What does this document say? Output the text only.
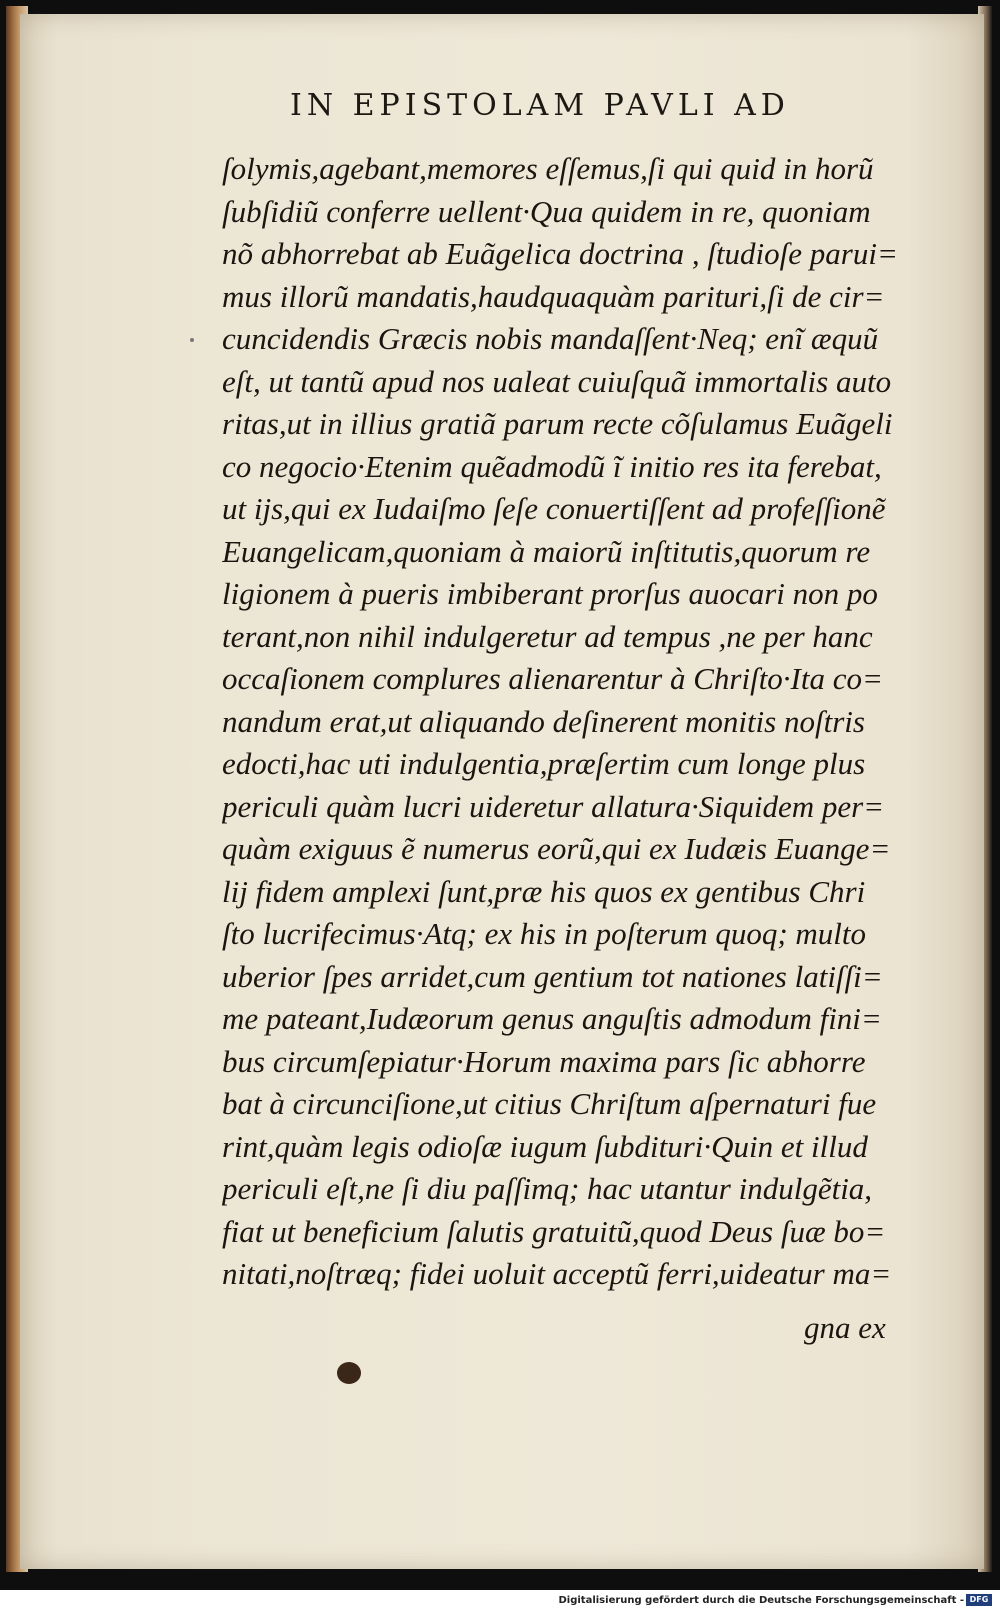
IN EPISTOLAM PAVLI AD
ſolymis,agebant,memores eſſemus,ſi qui quid in horũ
ſubſidiũ conferre uellent·Qua quidem in re, quoniam
nõ abhorrebat ab Euãgelica doctrina , ſtudioſe parui=
mus illorũ mandatis,haudquaquàm parituri,ſi de cir=
cuncidendis Græcis nobis mandaſſent·Neq; enĩ æquũ
eſt, ut tantũ apud nos ualeat cuiuſquã immortalis auto
ritas,ut in illius gratiã parum recte cõſulamus Euãgeli
co negocio·Etenim quẽadmodũ ĩ initio res ita ferebat,
ut ijs,qui ex Iudaiſmo ſeſe conuertiſſent ad profeſſionẽ
Euangelicam,quoniam à maiorũ inſtitutis,quorum re
ligionem à pueris imbiberant prorſus auocari non po
terant,non nihil indulgeretur ad tempus ,ne per hanc
occaſionem complures alienarentur à Chriſto·Ita co=
nandum erat,ut aliquando deſinerent monitis noſtris
edocti,hac uti indulgentia,præſertim cum longe plus
periculi quàm lucri uideretur allatura·Siquidem per=
quàm exiguus ẽ numerus eorũ,qui ex Iudæis Euange=
lij fidem amplexi ſunt,præ his quos ex gentibus Chri
ſto lucrifecimus·Atq; ex his in poſterum quoq; multo
uberior ſpes arridet,cum gentium tot nationes latiſſi=
me pateant,Iudæorum genus anguſtis admodum fini=
bus circumſepiatur·Horum maxima pars ſic abhorre
bat à circunciſione,ut citius Chriſtum aſpernaturi fue
rint,quàm legis odioſæ iugum ſubdituri·Quin et illud
periculi eſt,ne ſi diu paſſimq; hac utantur indulgẽtia,
fiat ut beneficium ſalutis gratuitũ,quod Deus ſuæ bo=
nitati,noſtræq; fidei uoluit acceptũ ferri,uideatur ma=
gna ex
Digitalisierung gefördert durch die Deutsche Forschungsgemeinschaft - DFG
